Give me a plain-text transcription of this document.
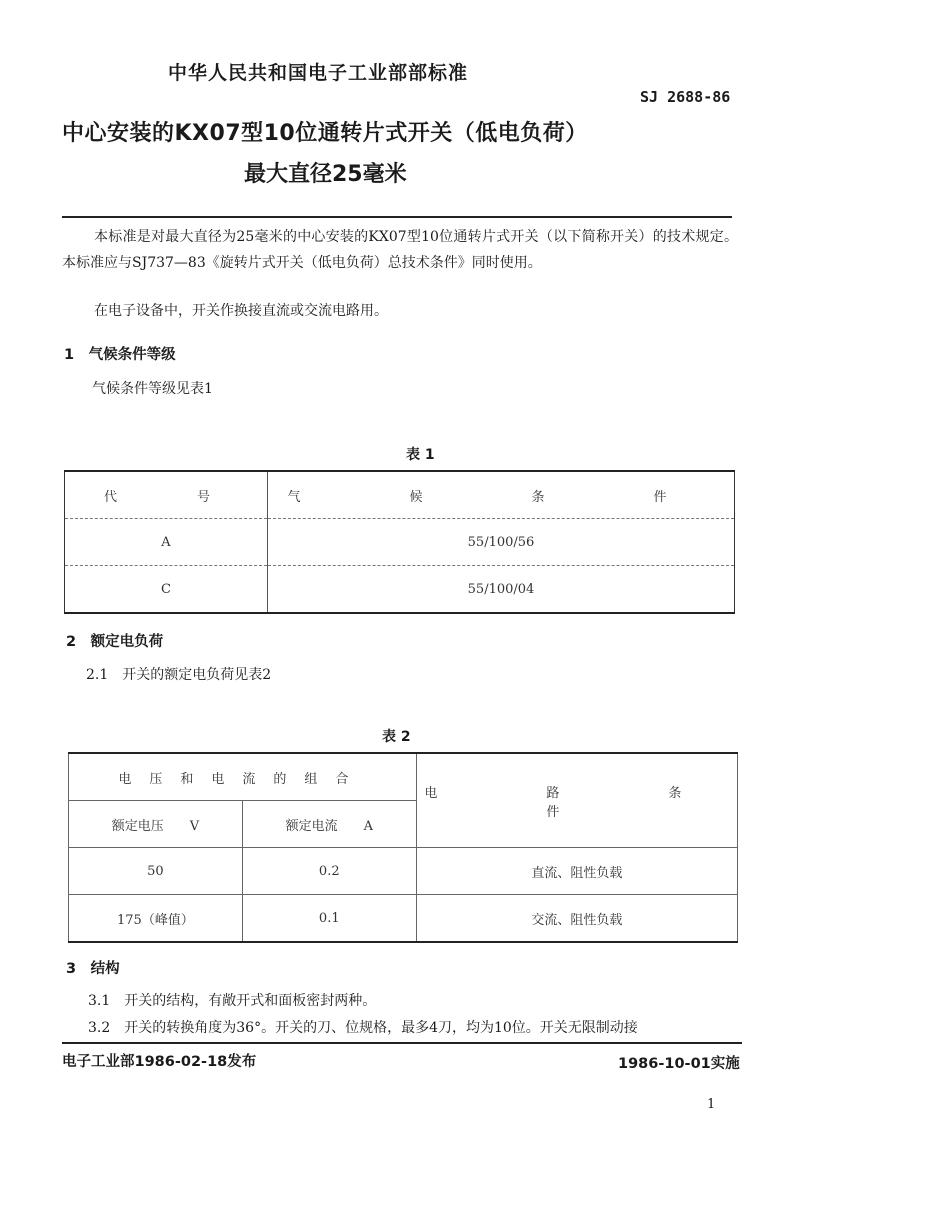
中华人民共和国电子工业部部标准
SJ 2688-86
中心安装的KX07型10位通转片式开关（低电负荷）
最大直径25毫米
本标准是对最大直径为25毫米的中心安装的KX07型10位通转片式开关（以下简称开关）的技术规定。本标准应与SJ737—83《旋转片式开关（低电负荷）总技术条件》同时使用。
在电子设备中，开关作换接直流或交流电路用。
1　气候条件等级
气候条件等级见表1
表 1
代　　号	气　候　条　件
A	55/100/56
C	55/100/04
2　额定电负荷
2.1　开关的额定电负荷见表2
表 2
电压和电流的组合		电　路　条　件
额定电压　　V	额定电流　　A	
50	0.2	直流、阻性负载
175（峰值）	0.1	交流、阻性负载
3　结构
3.1　开关的结构，有敞开式和面板密封两种。
3.2　开关的转换角度为36°。开关的刀、位规格，最多4刀，均为10位。开关无限制动接
电子工业部1986-02-18发布	1986-10-01实施
1
